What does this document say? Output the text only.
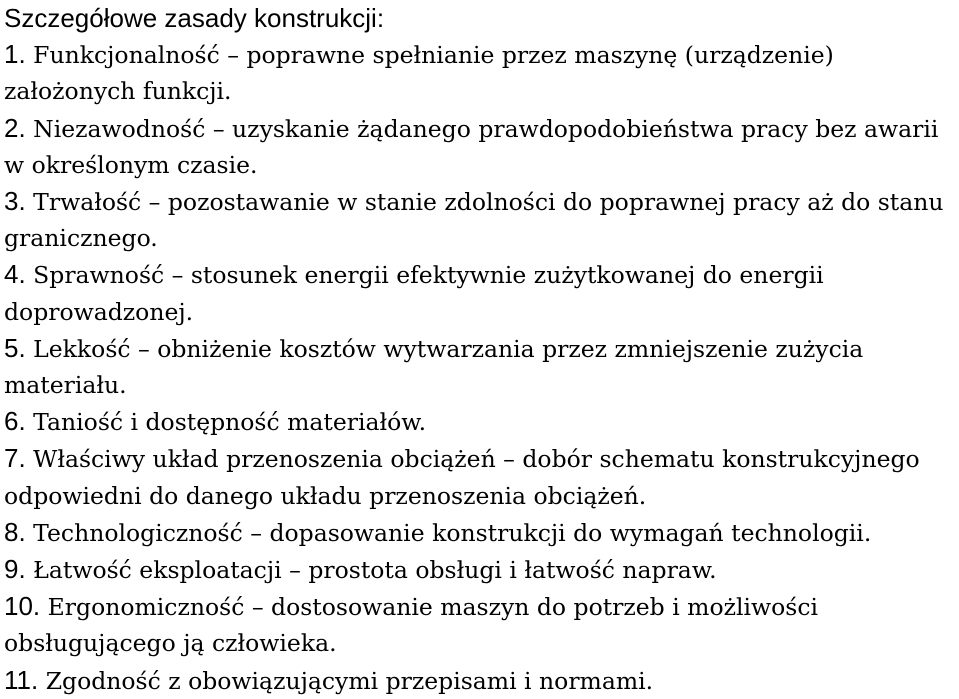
Szczegółowe zasady konstrukcji:
1. Funkcjonalność – poprawne spełnianie przez maszynę (urządzenie)
założonych funkcji.
2. Niezawodność – uzyskanie żądanego prawdopodobieństwa pracy bez awarii
w określonym czasie.
3. Trwałość – pozostawanie w stanie zdolności do poprawnej pracy aż do stanu
granicznego.
4. Sprawność – stosunek energii efektywnie zużytkowanej do energii
doprowadzonej.
5. Lekkość – obniżenie kosztów wytwarzania przez zmniejszenie zużycia
materiału.
6. Taniość i dostępność materiałów.
7. Właściwy układ przenoszenia obciążeń – dobór schematu konstrukcyjnego
odpowiedni do danego układu przenoszenia obciążeń.
8. Technologiczność – dopasowanie konstrukcji do wymagań technologii.
9. Łatwość eksploatacji – prostota obsługi i łatwość napraw.
10. Ergonomiczność – dostosowanie maszyn do potrzeb i możliwości
obsługującego ją człowieka.
11. Zgodność z obowiązującymi przepisami i normami.
